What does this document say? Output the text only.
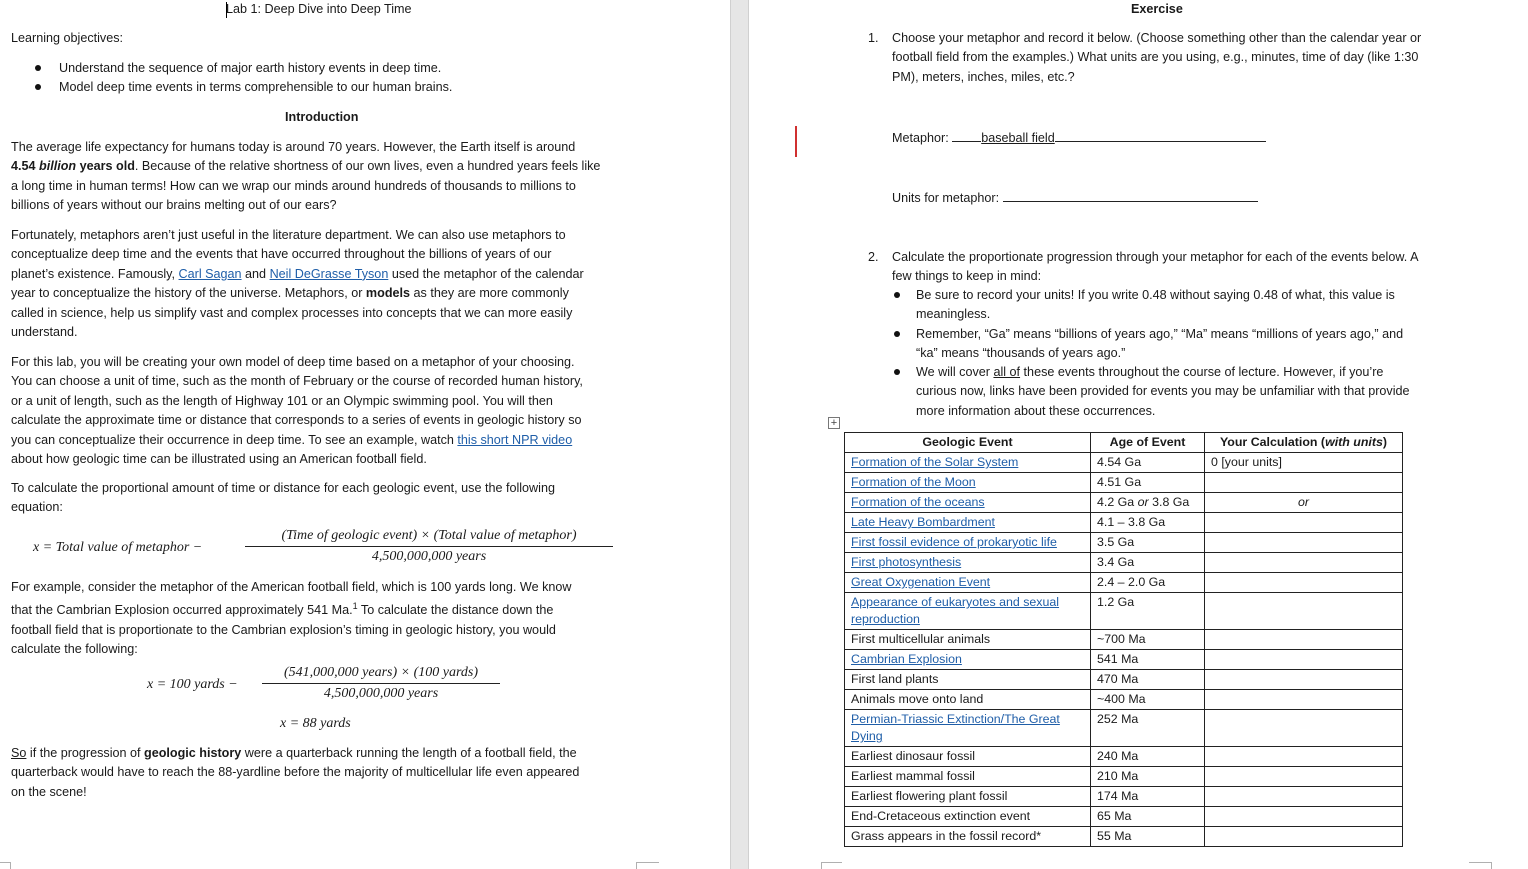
Lab 1: Deep Dive into Deep Time
Learning objectives:
Understand the sequence of major earth history events in deep time.
Model deep time events in terms comprehensible to our human brains.
Introduction
The average life expectancy for humans today is around 70 years. However, the Earth itself is around
4.54 billion years old. Because of the relative shortness of our own lives, even a hundred years feels like
a long time in human terms! How can we wrap our minds around hundreds of thousands to millions to
billions of years without our brains melting out of our ears?
Fortunately, metaphors aren’t just useful in the literature department. We can also use metaphors to
conceptualize deep time and the events that have occurred throughout the billions of years of our
planet’s existence. Famously, Carl Sagan and Neil DeGrasse Tyson used the metaphor of the calendar
year to conceptualize the history of the universe. Metaphors, or models as they are more commonly
called in science, help us simplify vast and complex processes into concepts that we can more easily
understand.
For this lab, you will be creating your own model of deep time based on a metaphor of your choosing.
You can choose a unit of time, such as the month of February or the course of recorded human history,
or a unit of length, such as the length of Highway 101 or an Olympic swimming pool. You will then
calculate the approximate time or distance that corresponds to a series of events in geologic history so
you can conceptualize their occurrence in deep time. To see an example, watch this short NPR video
about how geologic time can be illustrated using an American football field.
To calculate the proportional amount of time or distance for each geologic event, use the following
equation:
x = Total value of metaphor −
(Time of geologic event) × (Total value of metaphor)
4,500,000,000 years
For example, consider the metaphor of the American football field, which is 100 yards long. We know
that the Cambrian Explosion occurred approximately 541 Ma.$^1$ To calculate the distance down the
football field that is proportionate to the Cambrian explosion’s timing in geologic history, you would
calculate the following:
x = 100 yards −
(541,000,000 years) × (100 yards)
4,500,000,000 years
x = 88 yards
So if the progression of geologic history were a quarterback running the length of a football field, the
quarterback would have to reach the 88-yardline before the majority of multicellular life even appeared
on the scene!
Exercise
1. Choose your metaphor and record it below. (Choose something other than the calendar year or
football field from the examples.) What units are you using, e.g., minutes, time of day (like 1:30
PM), meters, inches, miles, etc.?
Metaphor:	baseball field
Units for metaphor:
2. Calculate the proportionate progression through your metaphor for each of the events below. A
few things to keep in mind:
Be sure to record your units! If you write 0.48 without saying 0.48 of what, this value is
meaningless.
Remember, “Ga” means “billions of years ago,” “Ma” means “millions of years ago,” and
“ka” means “thousands of years ago.”
We will cover all of these events throughout the course of lecture. However, if you’re
curious now, links have been provided for events you may be unfamiliar with that provide
more information about these occurrences.
+
Geologic Event	Age of Event	Your Calculation (with units)
Formation of the Solar System	4.54 Ga	0 [your units]
Formation of the Moon	4.51 Ga	
Formation of the oceans	4.2 Ga or 3.8 Ga	or
Late Heavy Bombardment	4.1 – 3.8 Ga	
First fossil evidence of prokaryotic life	3.5 Ga	
First photosynthesis	3.4 Ga	
Great Oxygenation Event	2.4 – 2.0 Ga	
Appearance of eukaryotes and sexual reproduction	1.2 Ga	
First multicellular animals	~700 Ma	
Cambrian Explosion	541 Ma	
First land plants	470 Ma	
Animals move onto land	~400 Ma	
Permian-Triassic Extinction/The Great Dying	252 Ma	
Earliest dinosaur fossil	240 Ma	
Earliest mammal fossil	210 Ma	
Earliest flowering plant fossil	174 Ma	
End-Cretaceous extinction event	65 Ma	
Grass appears in the fossil record*	55 Ma	
